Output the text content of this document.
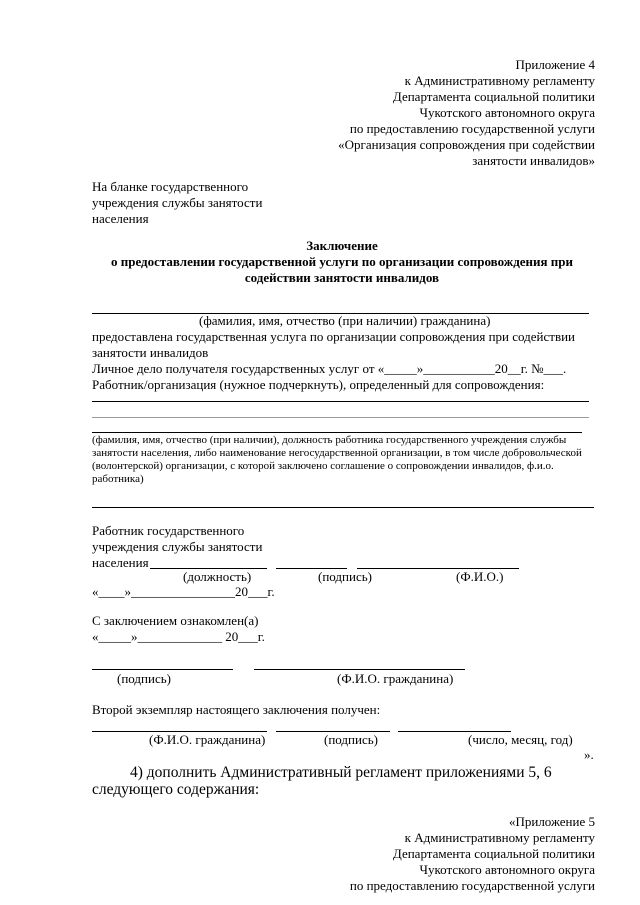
Приложение 4
к Административному регламенту
Департамента социальной политики
Чукотского автономного округа
по предоставлению государственной услуги
«Организация сопровождения при содействии
занятости инвалидов»
На бланке государственного
учреждения службы занятости
населения
Заключение
о предоставлении государственной услуги по организации сопровождения при
содействии занятости инвалидов
(фамилия, имя, отчество (при наличии) гражданина)
предоставлена государственная услуга по организации сопровождения при содействии
занятости инвалидов
Личное дело получателя государственных услуг от «_____»___________20__г. №___.
Работник/организация (нужное подчеркнуть), определенный для сопровождения:
(фамилия, имя, отчество (при наличии), должность работника государственного учреждения службы
занятости населения, либо наименование негосударственной организации, в том числе добровольческой
(волонтерской) организации, с которой заключено соглашение о сопровождении инвалидов, ф.и.о.
работника)
Работник государственного
учреждения службы занятости
населения
(должность)	(подпись)	(Ф.И.О.)
«____»________________20___г.
С заключением ознакомлен(а)
«_____»_____________ 20___г.
(подпись)	(Ф.И.О. гражданина)
Второй экземпляр настоящего заключения получен:
(Ф.И.О. гражданина)	(подпись)	(число, месяц, год)
».
4) дополнить Административный регламент приложениями 5, 6
следующего содержания:
«Приложение 5
к Административному регламенту
Департамента социальной политики
Чукотского автономного округа
по предоставлению государственной услуги
